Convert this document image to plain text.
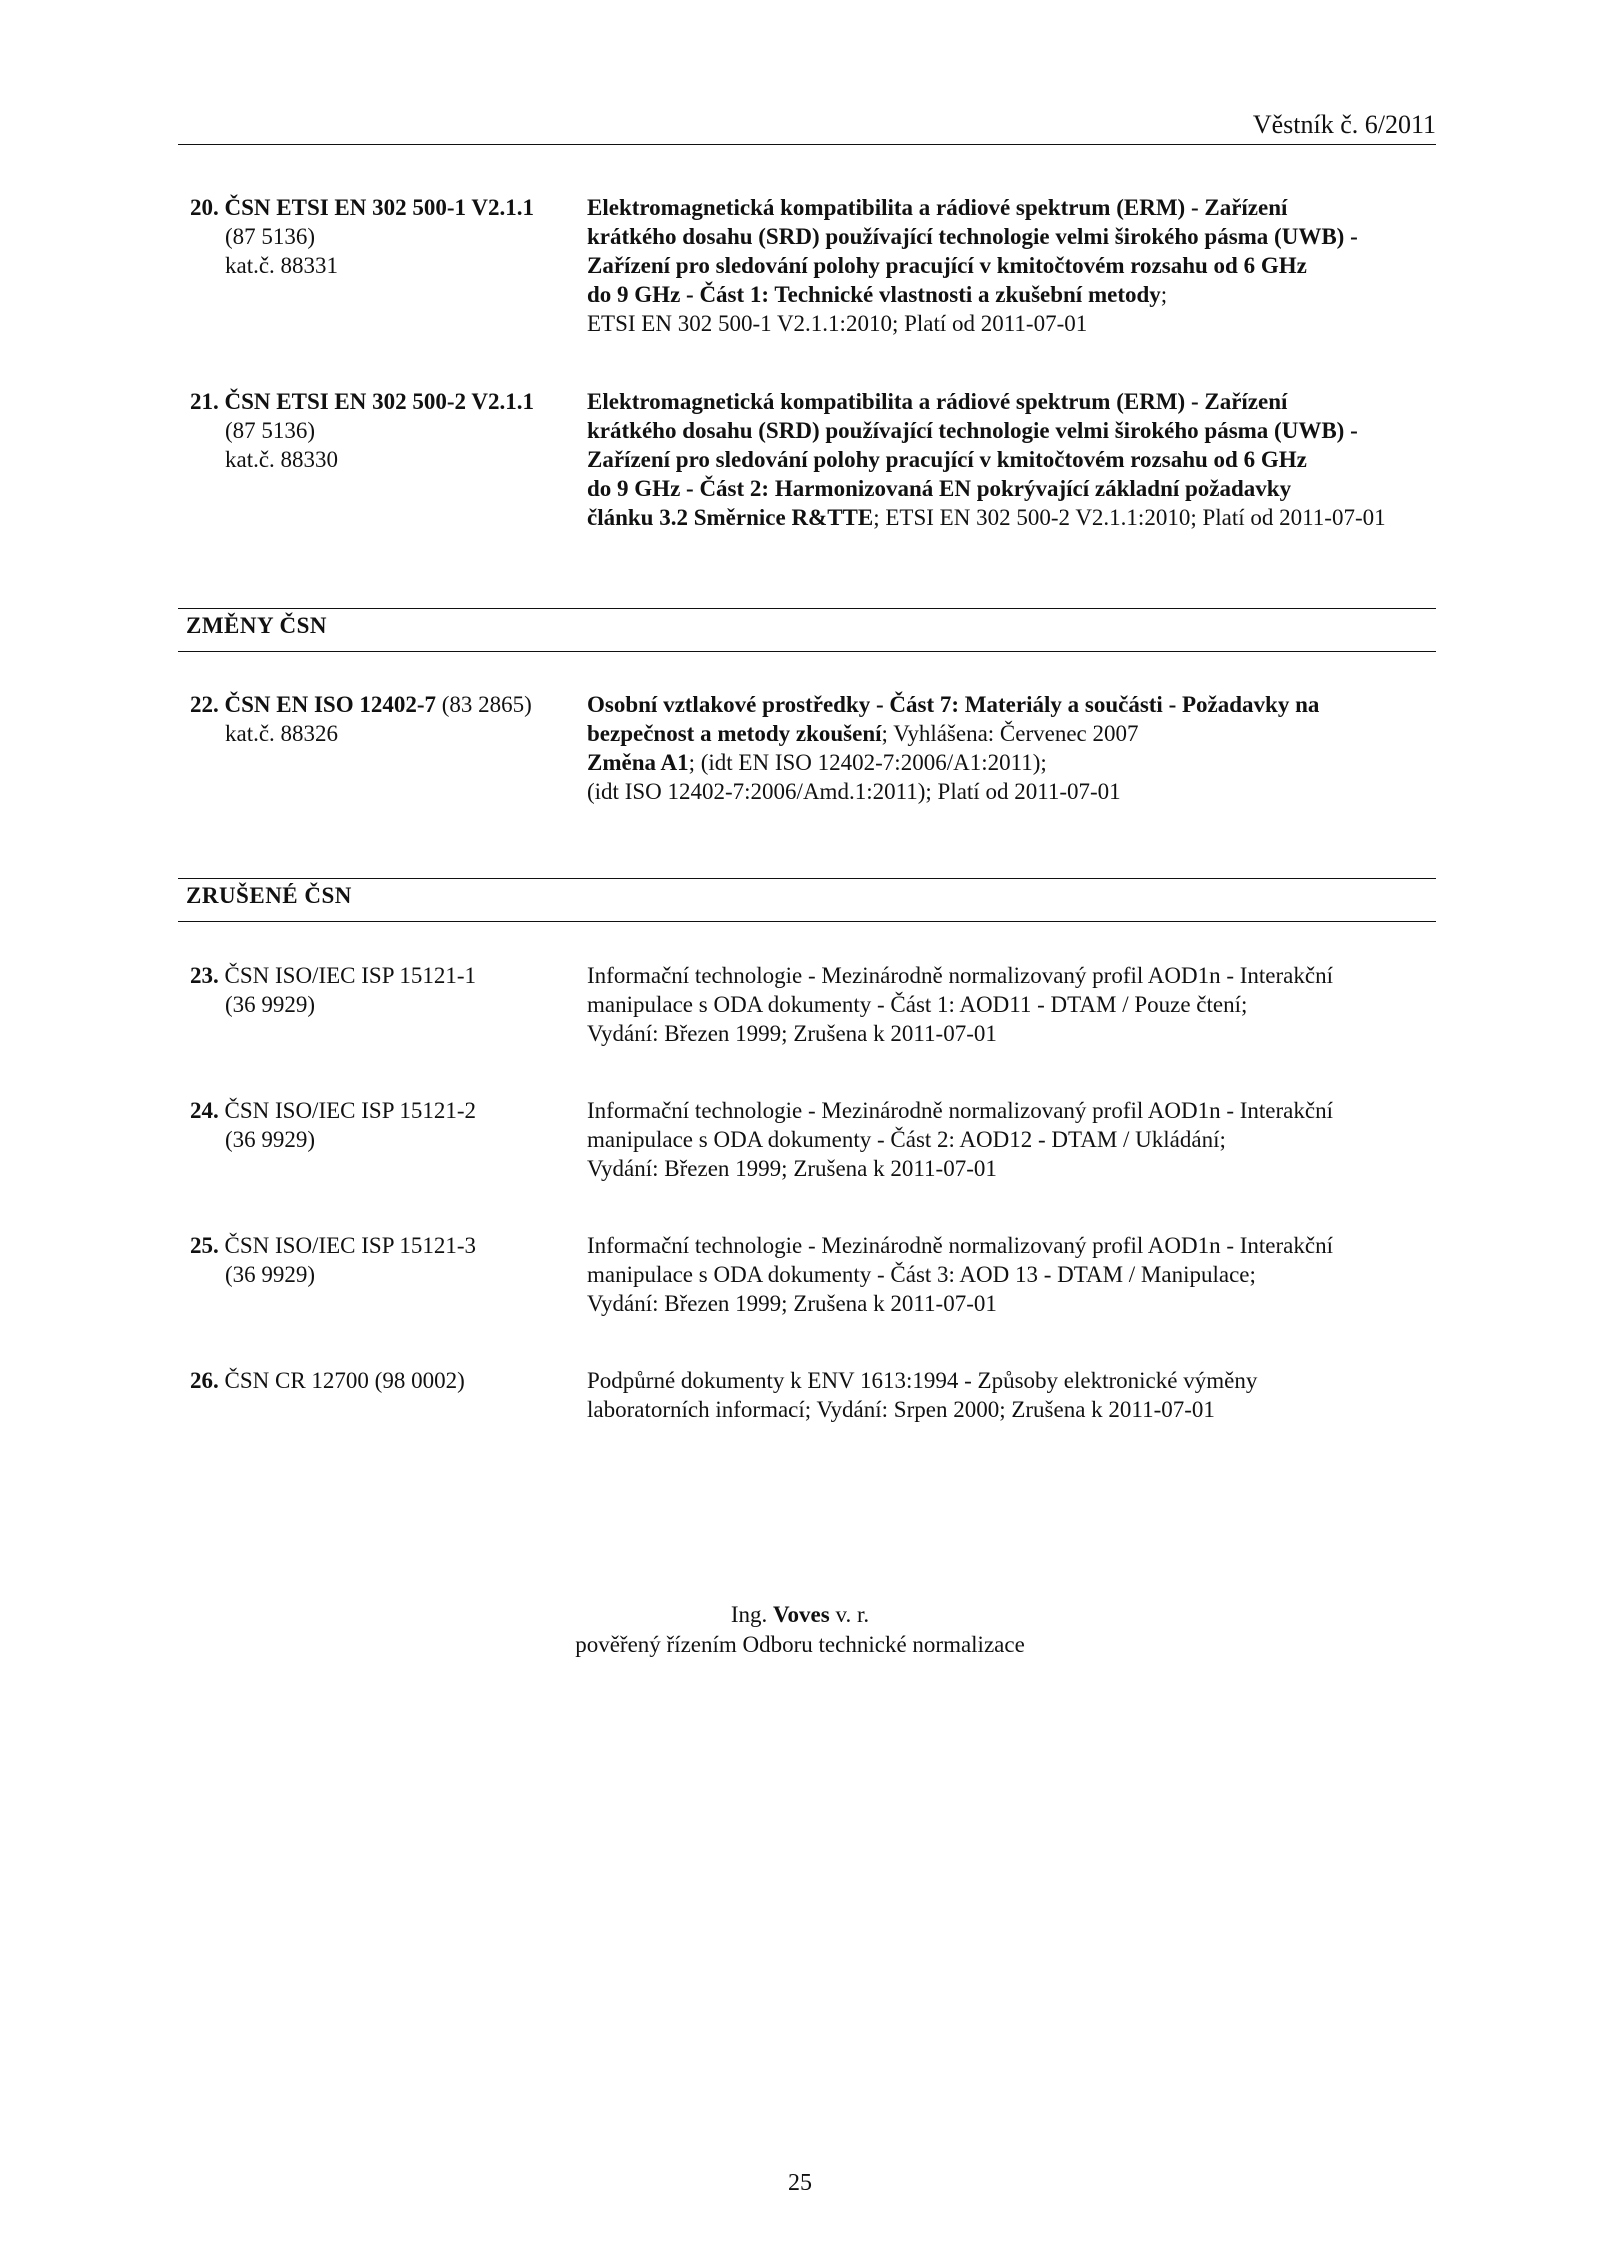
Věstník č. 6/2011
20. ČSN ETSI EN 302 500-1 V2.1.1
(87 5136)
kat.č. 88331
Elektromagnetická kompatibilita a rádiové spektrum (ERM) - Zařízení
krátkého dosahu (SRD) používající technologie velmi širokého pásma (UWB) -
Zařízení pro sledování polohy pracující v kmitočtovém rozsahu od 6 GHz
do 9 GHz - Část 1: Technické vlastnosti a zkušební metody;
ETSI EN 302 500-1 V2.1.1:2010; Platí od 2011-07-01
21. ČSN ETSI EN 302 500-2 V2.1.1
(87 5136)
kat.č. 88330
Elektromagnetická kompatibilita a rádiové spektrum (ERM) - Zařízení
krátkého dosahu (SRD) používající technologie velmi širokého pásma (UWB) -
Zařízení pro sledování polohy pracující v kmitočtovém rozsahu od 6 GHz
do 9 GHz - Část 2: Harmonizovaná EN pokrývající základní požadavky
článku 3.2 Směrnice R&TTE; ETSI EN 302 500-2 V2.1.1:2010; Platí od 2011-07-01
ZMĚNY ČSN
22. ČSN EN ISO 12402-7 (83 2865)
kat.č. 88326
Osobní vztlakové prostředky - Část 7: Materiály a součásti - Požadavky na
bezpečnost a metody zkoušení; Vyhlášena: Červenec 2007
Změna A1; (idt EN ISO 12402-7:2006/A1:2011);
(idt ISO 12402-7:2006/Amd.1:2011); Platí od 2011-07-01
ZRUŠENÉ ČSN
23. ČSN ISO/IEC ISP 15121-1
(36 9929)
Informační technologie - Mezinárodně normalizovaný profil AOD1n - Interakční
manipulace s ODA dokumenty - Část 1: AOD11 - DTAM / Pouze čtení;
Vydání: Březen 1999; Zrušena k 2011-07-01
24. ČSN ISO/IEC ISP 15121-2
(36 9929)
Informační technologie - Mezinárodně normalizovaný profil AOD1n - Interakční
manipulace s ODA dokumenty - Část 2: AOD12 - DTAM / Ukládání;
Vydání: Březen 1999; Zrušena k 2011-07-01
25. ČSN ISO/IEC ISP 15121-3
(36 9929)
Informační technologie - Mezinárodně normalizovaný profil AOD1n - Interakční
manipulace s ODA dokumenty - Část 3: AOD 13 - DTAM / Manipulace;
Vydání: Březen 1999; Zrušena k 2011-07-01
26. ČSN CR 12700 (98 0002)	Podpůrné dokumenty k ENV 1613:1994 - Způsoby elektronické výměny
laboratorních informací; Vydání: Srpen 2000; Zrušena k 2011-07-01
Ing. Voves v. r.
pověřený řízením Odboru technické normalizace
25
